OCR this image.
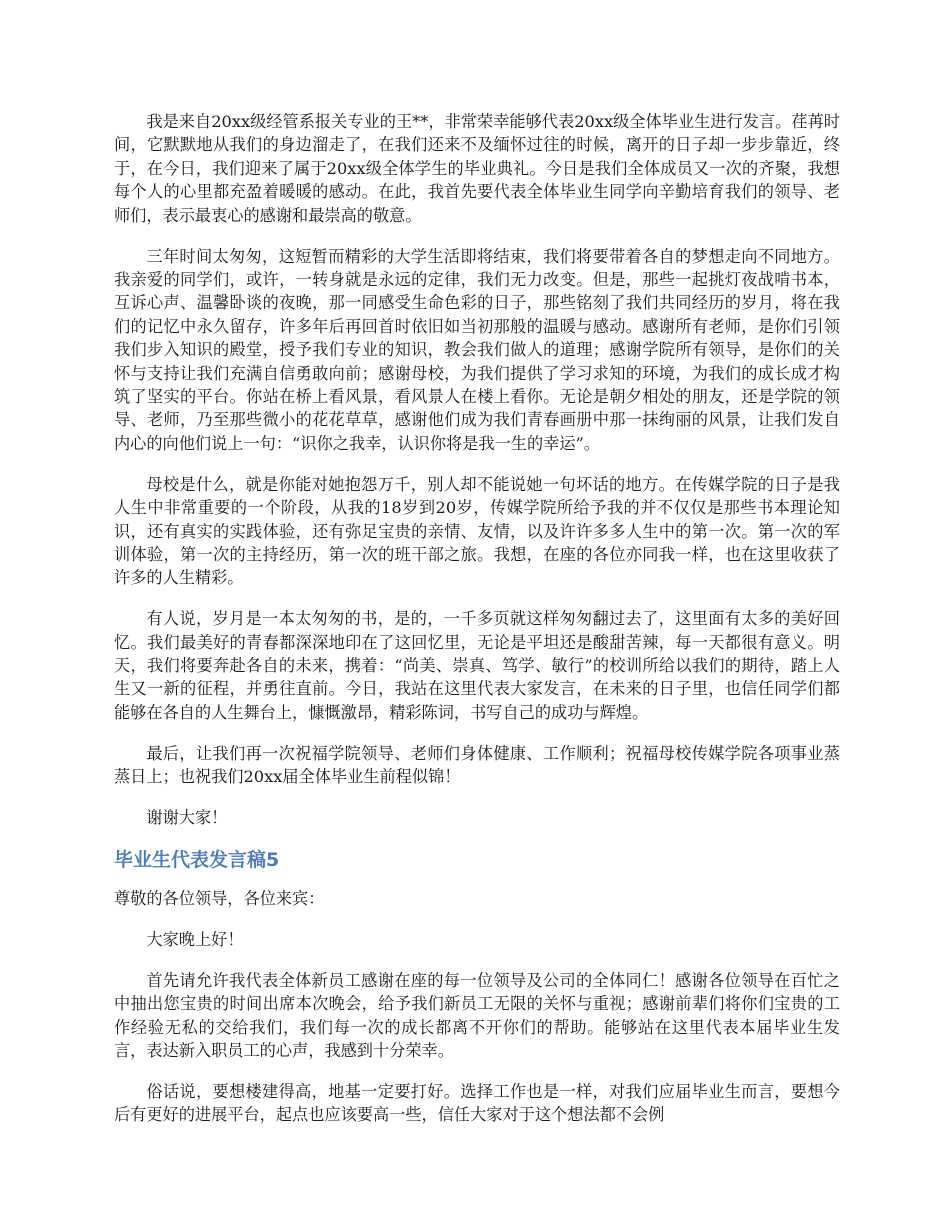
我是来自20xx级经管系报关专业的王**，非常荣幸能够代表20xx级全体毕业生进行发言。荏苒时间，它默默地从我们的身边溜走了，在我们还来不及缅怀过往的时候，离开的日子却一步步靠近，终于，在今日，我们迎来了属于20xx级全体学生的毕业典礼。今日是我们全体成员又一次的齐聚，我想每个人的心里都充盈着暖暖的感动。在此，我首先要代表全体毕业生同学向辛勤培育我们的领导、老师们，表示最衷心的感谢和最崇高的敬意。

三年时间太匆匆，这短暂而精彩的大学生活即将结束，我们将要带着各自的梦想走向不同地方。我亲爱的同学们，或许，一转身就是永远的定律，我们无力改变。但是，那些一起挑灯夜战啃书本，互诉心声、温馨卧谈的夜晚，那一同感受生命色彩的日子，那些铭刻了我们共同经历的岁月，将在我们的记忆中永久留存，许多年后再回首时依旧如当初那般的温暖与感动。感谢所有老师，是你们引领我们步入知识的殿堂，授予我们专业的知识，教会我们做人的道理；感谢学院所有领导，是你们的关怀与支持让我们充满自信勇敢向前；感谢母校，为我们提供了学习求知的环境，为我们的成长成才构筑了坚实的平台。你站在桥上看风景，看风景人在楼上看你。无论是朝夕相处的朋友，还是学院的领导、老师，乃至那些微小的花花草草，感谢他们成为我们青春画册中那一抹绚丽的风景，让我们发自内心的向他们说上一句：“识你之我幸，认识你将是我一生的幸运”。

母校是什么，就是你能对她抱怨万千，别人却不能说她一句坏话的地方。在传媒学院的日子是我人生中非常重要的一个阶段，从我的18岁到20岁，传媒学院所给予我的并不仅仅是那些书本理论知识，还有真实的实践体验，还有弥足宝贵的亲情、友情，以及许许多多人生中的第一次。第一次的军训体验，第一次的主持经历，第一次的班干部之旅。我想，在座的各位亦同我一样，也在这里收获了许多的人生精彩。

有人说，岁月是一本太匆匆的书，是的，一千多页就这样匆匆翻过去了，这里面有太多的美好回忆。我们最美好的青春都深深地印在了这回忆里，无论是平坦还是酸甜苦辣，每一天都很有意义。明天，我们将要奔赴各自的未来，携着：“尚美、崇真、笃学、敏行”的校训所给以我们的期待，踏上人生又一新的征程，并勇往直前。今日，我站在这里代表大家发言，在未来的日子里，也信任同学们都能够在各自的人生舞台上，慷慨激昂，精彩陈词，书写自己的成功与辉煌。

最后，让我们再一次祝福学院领导、老师们身体健康、工作顺利；祝福母校传媒学院各项事业蒸蒸日上；也祝我们20xx届全体毕业生前程似锦！

谢谢大家！

毕业生代表发言稿5

尊敬的各位领导，各位来宾：

大家晚上好！

首先请允许我代表全体新员工感谢在座的每一位领导及公司的全体同仁！感谢各位领导在百忙之中抽出您宝贵的时间出席本次晚会，给予我们新员工无限的关怀与重视；感谢前辈们将你们宝贵的工作经验无私的交给我们，我们每一次的成长都离不开你们的帮助。能够站在这里代表本届毕业生发言，表达新入职员工的心声，我感到十分荣幸。

俗话说，要想楼建得高，地基一定要打好。选择工作也是一样，对我们应届毕业生而言，要想今后有更好的进展平台，起点也应该要高一些，信任大家对于这个想法都不会例
